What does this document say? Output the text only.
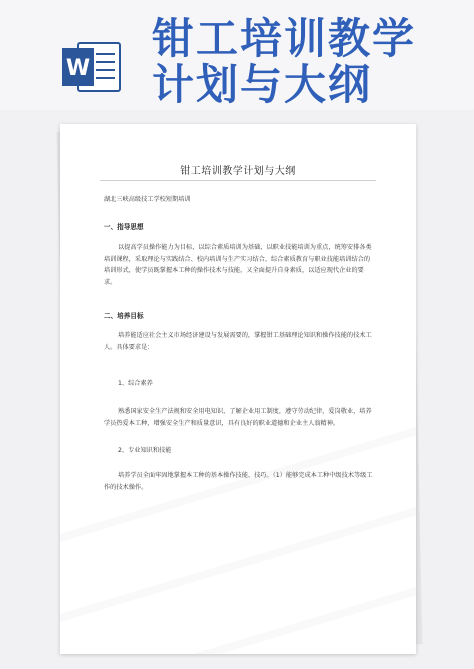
W
钳工培训教学计划与大纲
钳工培训教学计划与大纲
湖北三峡高级技工学校短期培训
一、指导思想
以提高学员操作能力为目标，以综合素质培训为基础，以职业技能培训为重点，统筹安排各类培训课程，采取理论与实践结合、校内培训与生产实习结合、综合素质教育与职业技能培训结合的培训形式，使学员既掌握本工种的操作技术与技能，又全面提升自身素质，以适应现代企业的要求。
二、培养目标
培养能适应社会主义市场经济建设与发展需要的，掌握钳工基础理论知识和操作技能的技术工人。具体要求是：
1、综合素养
熟悉国家安全生产法规和安全用电知识，了解企业用工制度，遵守劳动纪律，爱岗敬业，培养学员热爱本工种，增强安全生产和质量意识，具有良好的职业道德和企业主人翁精神。
2、专业知识和技能
培养学员全面牢固地掌握本工种的基本操作技能、技巧。（1）能够完成本工种中级技术等级工作的技术操作。
